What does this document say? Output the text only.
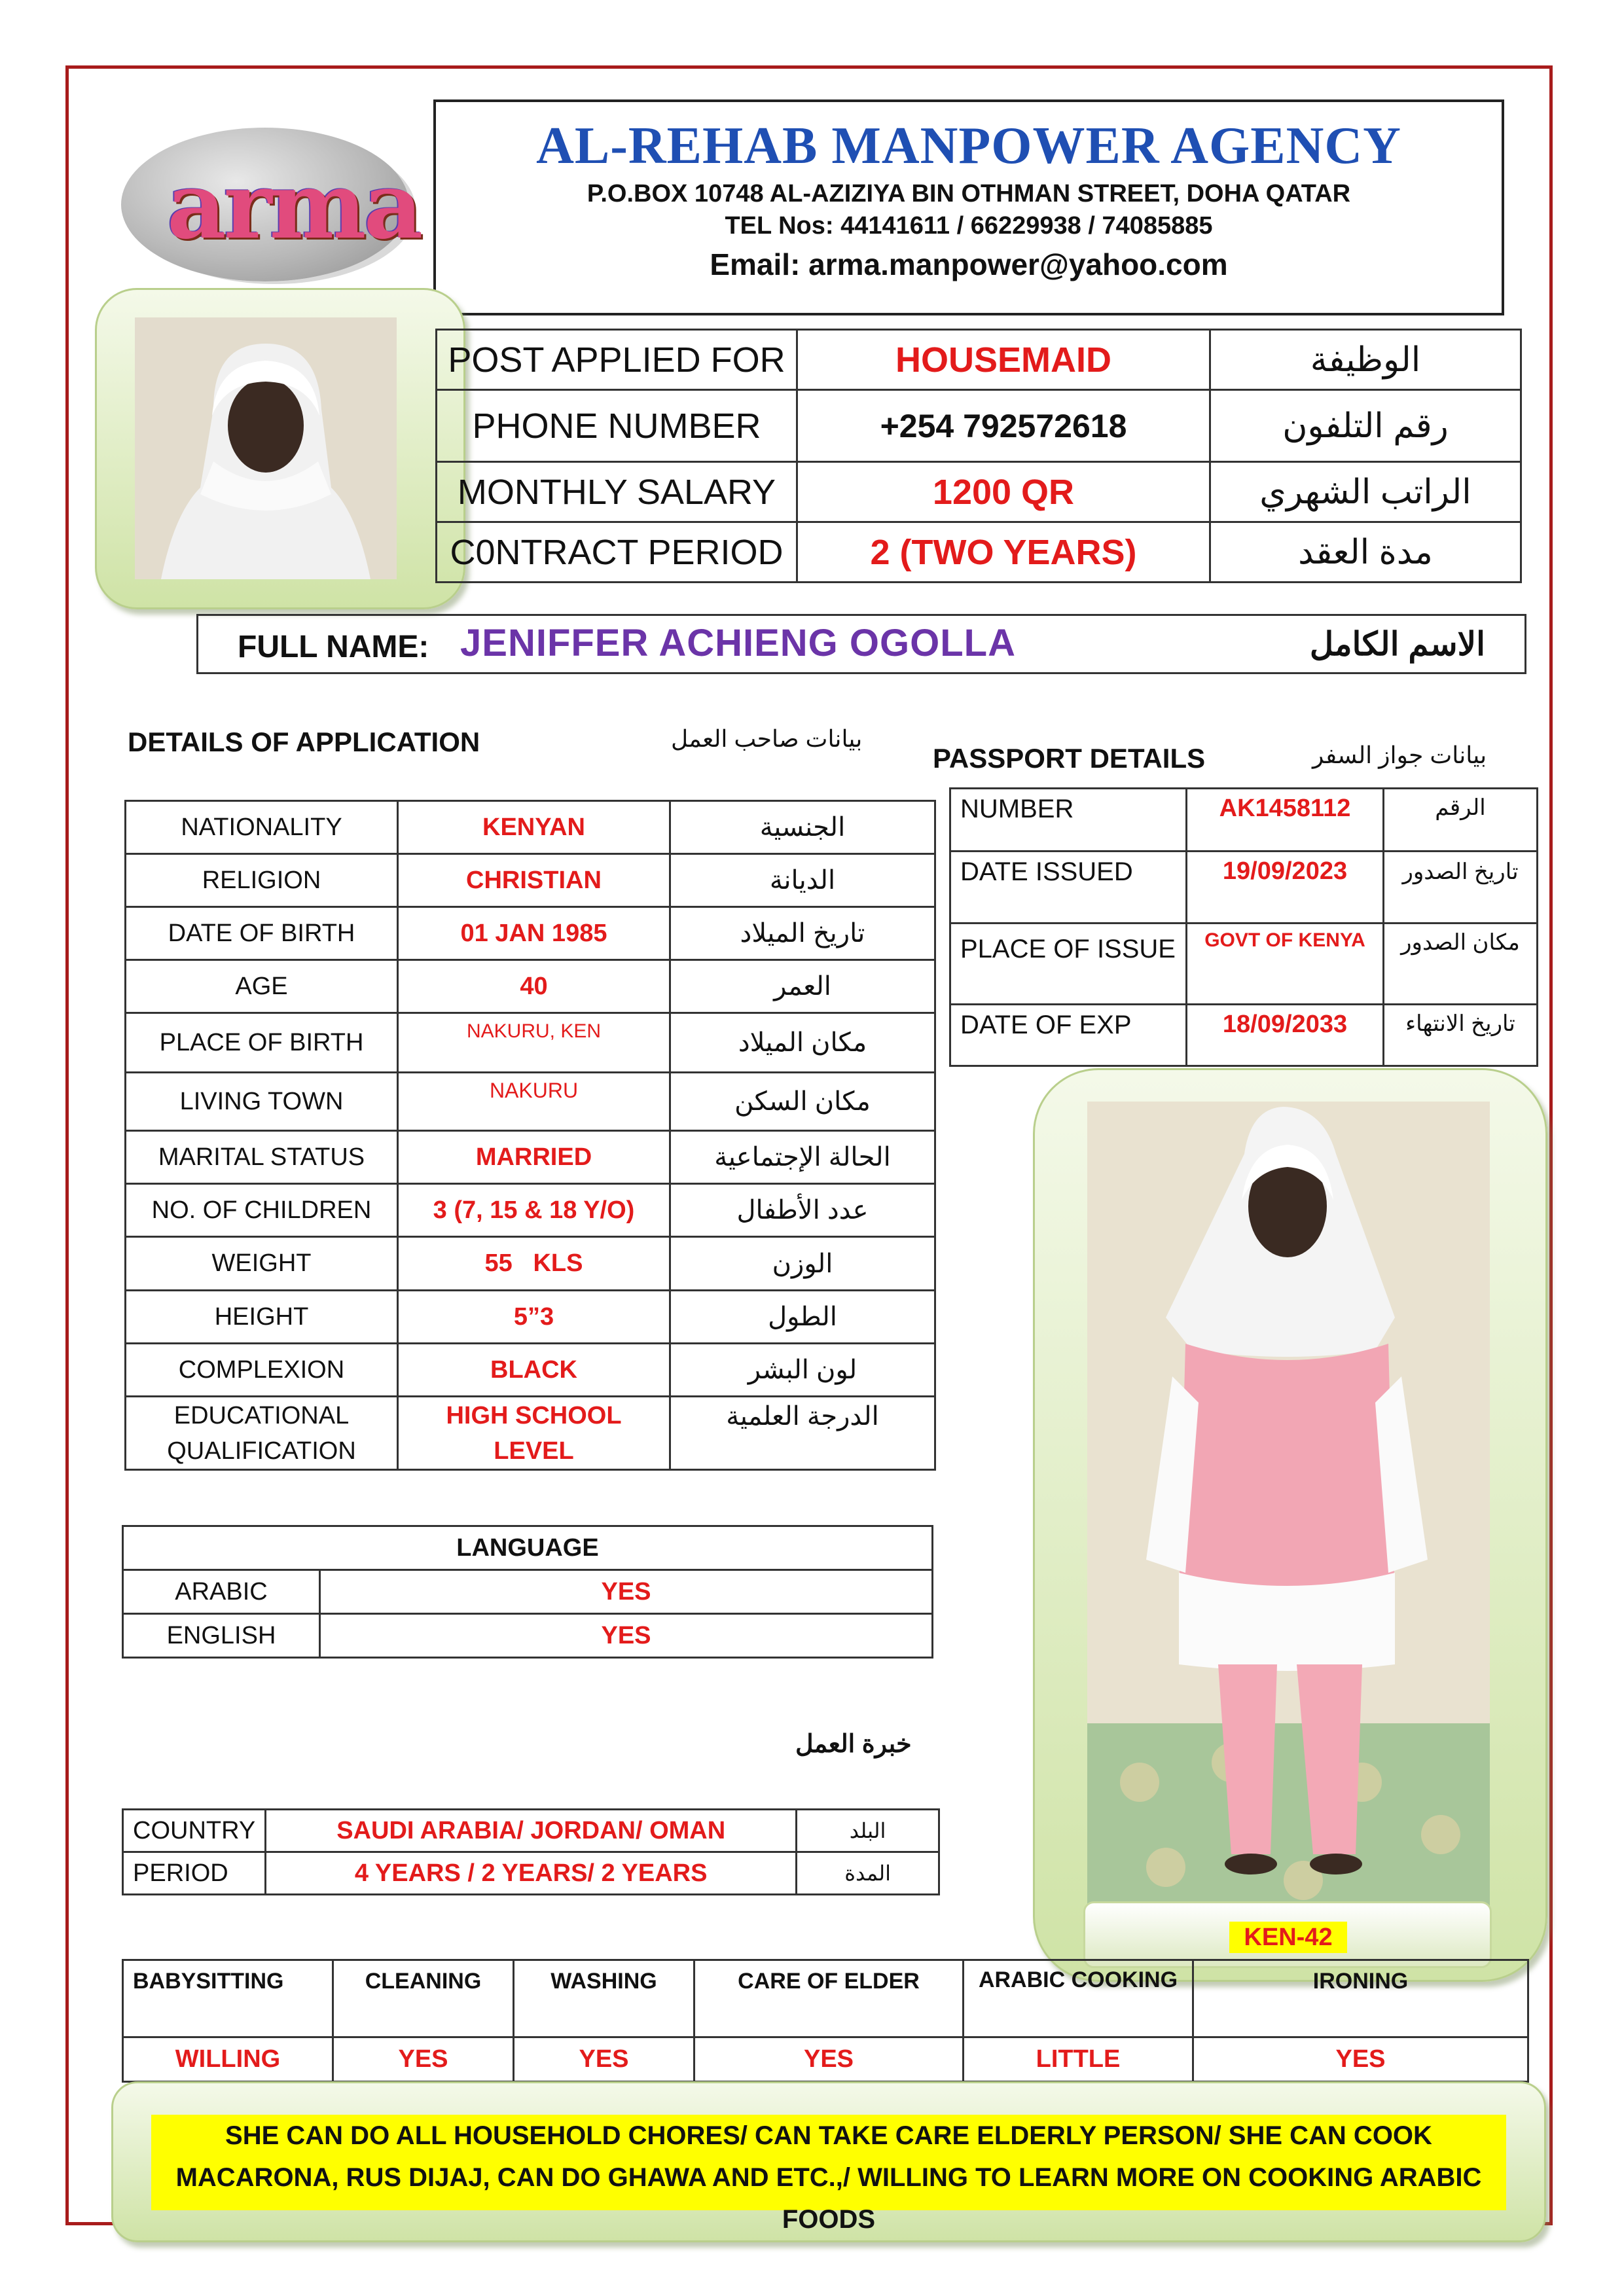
arma
AL-REHAB MANPOWER AGENCY
P.O.BOX 10748 AL-AZIZIYA BIN OTHMAN STREET, DOHA QATAR
TEL Nos: 44141611 / 66229938 / 74085885
Email: arma.manpower@yahoo.com
POST APPLIED FOR	HOUSEMAID	الوظيفة
PHONE NUMBER	+254 792572618	رقم التلفون
MONTHLY SALARY	1200 QR	الراتب الشهري
C0NTRACT PERIOD	2 (TWO YEARS)	مدة العقد
FULL NAME: JENIFFER ACHIENG OGOLLA	الاسم الكامل
DETAILS OF APPLICATION	بيانات صاحب العمل
PASSPORT DETAILS	بيانات جواز السفر
NATIONALITY	KENYAN	الجنسية
RELIGION	CHRISTIAN	الديانة
DATE OF BIRTH	01 JAN 1985	تاريخ الميلاد
AGE	40	العمر
PLACE OF BIRTH	NAKURU, KEN	مكان الميلاد
LIVING TOWN	NAKURU	مكان السكن
MARITAL STATUS	MARRIED	الحالة الإجتماعية
NO. OF CHILDREN	3 (7, 15 & 18 Y/O)	عدد الأطفال
WEIGHT	55   KLS	الوزن
HEIGHT	5”3	الطول
COMPLEXION	BLACK	لون البشر
EDUCATIONAL QUALIFICATION	HIGH SCHOOL LEVEL	الدرجة العلمية
NUMBER	AK1458112	الرقم
DATE ISSUED	19/09/2023	تاريخ الصدور
PLACE OF ISSUE	GOVT OF KENYA	مكان الصدور
DATE OF EXP	18/09/2033	تاريخ الانتهاء
KEN-42
LANGUAGE	
ARABIC	YES
ENGLISH	YES
خبرة العمل
COUNTRY	SAUDI ARABIA/ JORDAN/ OMAN	البلد
PERIOD	4 YEARS / 2 YEARS/ 2 YEARS	المدة
BABYSITTING	CLEANING	WASHING	CARE OF ELDER	ARABIC COOKING	IRONING
WILLING	YES	YES	YES	LITTLE	YES
SHE CAN DO ALL HOUSEHOLD CHORES/ CAN TAKE CARE ELDERLY PERSON/ SHE CAN COOK MACARONA, RUS DIJAJ, CAN DO GHAWA AND ETC.,/ WILLING TO LEARN MORE ON COOKING ARABIC FOODS
